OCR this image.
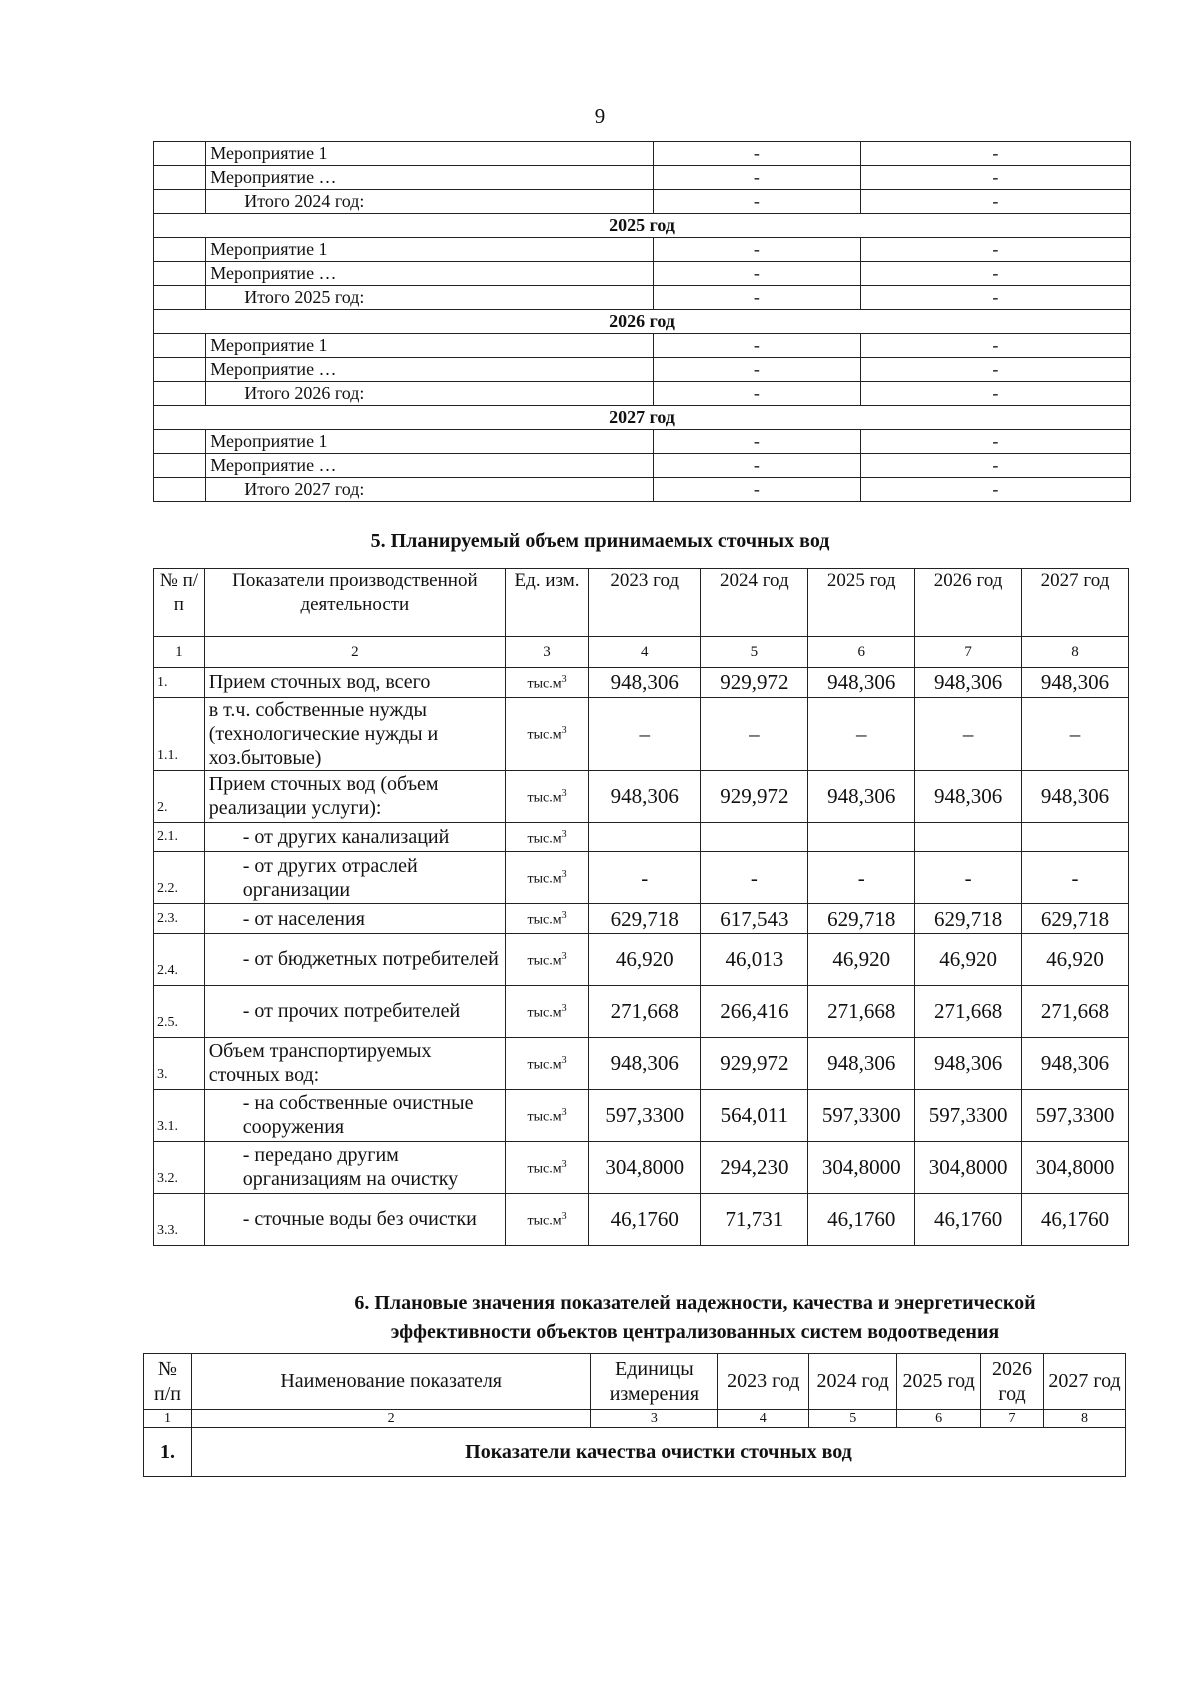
9
	Мероприятие 1	-	-
	Мероприятие …	-	-
	Итого 2024 год:	-	-
2025 год			
	Мероприятие 1	-	-
	Мероприятие …	-	-
	Итого 2025 год:	-	-
2026 год			
	Мероприятие 1	-	-
	Мероприятие …	-	-
	Итого 2026 год:	-	-
2027 год			
	Мероприятие 1	-	-
	Мероприятие …	-	-
	Итого 2027 год:	-	-
5. Планируемый объем принимаемых сточных вод
№ п/п	Показатели производственной деятельности	Ед. изм.	2023 год	2024 год	2025 год	2026 год	2027 год
1	2	3	4	5	6	7	8
1.	Прием сточных вод, всего	$тыс.м^3$	948,306	929,972	948,306	948,306	948,306
1.1.	в т.ч. собственные нужды (технологические нужды и хоз.бытовые)	$тыс.м^3$	–	–	–	–	–
2.	Прием сточных вод (объем реализации услуги):	$тыс.м^3$	948,306	929,972	948,306	948,306	948,306
2.1.	- от других канализаций	$тыс.м^3$					
2.2.	- от других отраслей организации	$тыс.м^3$	-	-	-	-	-
2.3.	- от населения	$тыс.м^3$	629,718	617,543	629,718	629,718	629,718
2.4.	- от бюджетных потребителей	$тыс.м^3$	46,920	46,013	46,920	46,920	46,920
2.5.	- от прочих потребителей	$тыс.м^3$	271,668	266,416	271,668	271,668	271,668
3.	Объем транспортируемых сточных вод:	$тыс.м^3$	948,306	929,972	948,306	948,306	948,306
3.1.	- на собственные очистные сооружения	$тыс.м^3$	597,3300	564,011	597,3300	597,3300	597,3300
3.2.	- передано другим организациям на очистку	$тыс.м^3$	304,8000	294,230	304,8000	304,8000	304,8000
3.3.	- сточные воды без очистки	$тыс.м^3$	46,1760	71,731	46,1760	46,1760	46,1760
6. Плановые значения показателей надежности, качества и энергетической
эффективности объектов централизованных систем водоотведения
№ п/п	Наименование показателя	Единицы измерения	2023 год	2024 год	2025 год	2026 год	2027 год
1	2	3	4	5	6	7	8
1.	Показатели качества очистки сточных вод						
